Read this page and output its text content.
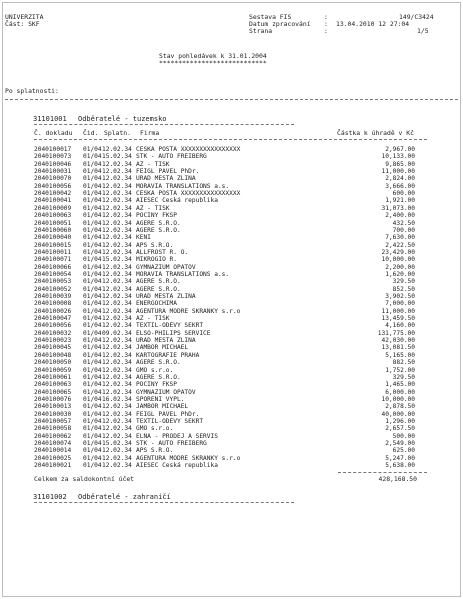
UNIVERZITA
Část: SKF
Sestava FIS	:	149/C3424
Datum zpracování : 13.04.2010 12 27:04
Strana	:	1/5
Stav pohledávek k 31.01.2004
****************************
Po splatnosti:
31101001 Odběratelé - tuzemsko
Č. dokladu Čid. Splatn. Firma	Částka k úhradě v Kč
2040100017 01/04 12.02.34 ČESKÁ POŠTA XXXXXXXXXXXXXXXX	2,967.00
2040100073 01/04 15.02.34 STK - AUTO FREIBERG	10,133.00
2040100046 01/04 12.02.34 AZ - TISK	9,865.00
2040100031 01/04 12.02.34 FEIGL PAVEL PhDr.	11,000.00
2040100070 01/04 12.02.34 ÚŘAD MĚSTA ZLÍNA	2,824.00
2040100056 01/04 12.02.34 MORAVIA TRANSLATIONS a.s.	3,666.00
2040100042 01/04 12.02.34 ČESKÁ POŠTA XXXXXXXXXXXXXXXX	600.00
2040100041 01/04 12.02.34 AIESEC Česká republika	1,921.00
2040100009 01/04 12.02.34 AZ - TISK	31,073.00
2040100063 01/04 12.02.34 POČÍNY FKSP	2,400.00
2040100051 01/04 12.02.34 AGERE S.R.O.	432.50
2040100060 01/04 12.02.34 AGERE S.R.O.	700.00
2040100040 01/04 12.02.34 KENI	7,630.00
2040100015 01/04 12.02.34 APS S.R.O.	2,422.50
2040100011 01/04 12.02.34 ALLFROST R. O.	23,429.00
2040100071 01/04 15.02.34 MIKROGIO R.	10,000.00
2040100066 01/04 12.02.34 GYMNÁZIUM OPATOV	2,200.00
2040100054 01/04 12.02.34 MORAVIA TRANSLATIONS a.s.	1,620.00
2040100053 01/04 12.02.34 AGERE S.R.O.	329.50
2040100052 01/04 12.02.34 AGERE S.R.O.	852.50
2040100039 01/04 12.02.34 ÚŘAD MĚSTA ZLÍNA	3,902.50
2040100008 01/04 12.02.34 ENERGOCHIMA	7,000.00
2040100026 01/04 12.02.34 AGENTURA MODRÉ SKRÁNKY s.r.o	11,000.00
2040100047 01/04 12.02.34 AZ - TISK	13,459.50
2040100056 01/04 12.02.34 TEXTIL-ODĚVY SEKRT	4,160.00
2040100032 01/04 09.02.34 ELSO-PHILIPS SERVICE	131,775.00
2040100023 01/04 12.02.34 ÚŘAD MĚSTA ZLÍNA	42,030.00
2040100045 01/04 12.02.34 JAMBOR MICHAEL	13,081.50
2040100048 01/04 12.02.34 KARTOGRAFIE PRAHA	5,165.00
2040100050 01/04 12.02.34 AGERE S.R.O.	882.50
2040100059 01/04 12.02.34 GMO s.r.o.	1,752.00
2040100061 01/04 12.02.34 AGERE S.R.O.	329.50
2040100063 01/04 12.02.34 POČÍNY FKSP	1,465.00
2040100065 01/04 12.02.34 GYMNÁZIUM OPATOV	6,000.00
2040100076 01/04 16.02.34 SPOŘENÍ VYPL.	10,000.00
2040100013 01/04 12.02.34 JAMBOR MICHAEL	2,878.50
2040100030 01/04 12.02.34 FEIGL PAVEL PhDr.	40,000.00
2040100057 01/04 12.02.34 TEXTIL-ODĚVY SEKRT	1,296.00
2040100058 01/04 12.02.34 GMO s.r.o.	2,657.50
2040100062 01/04 12.02.34 ELNA - PRODEJ A SERVIS	500.00
2040100074 01/04 15.02.34 STK - AUTO FREIBERG	2,549.00
2040100014 01/04 12.02.34 APS S.R.O.	625.00
2040100025 01/04 12.02.34 AGENTURA MODRÉ SKRÁNKY s.r.o	5,247.00
2040100021 01/04 12.02.34 AIESEC Česká republika	5,638.00
Celkem za saldokontní účet	428,168.50
31101002 Odběratelé - zahraničí
